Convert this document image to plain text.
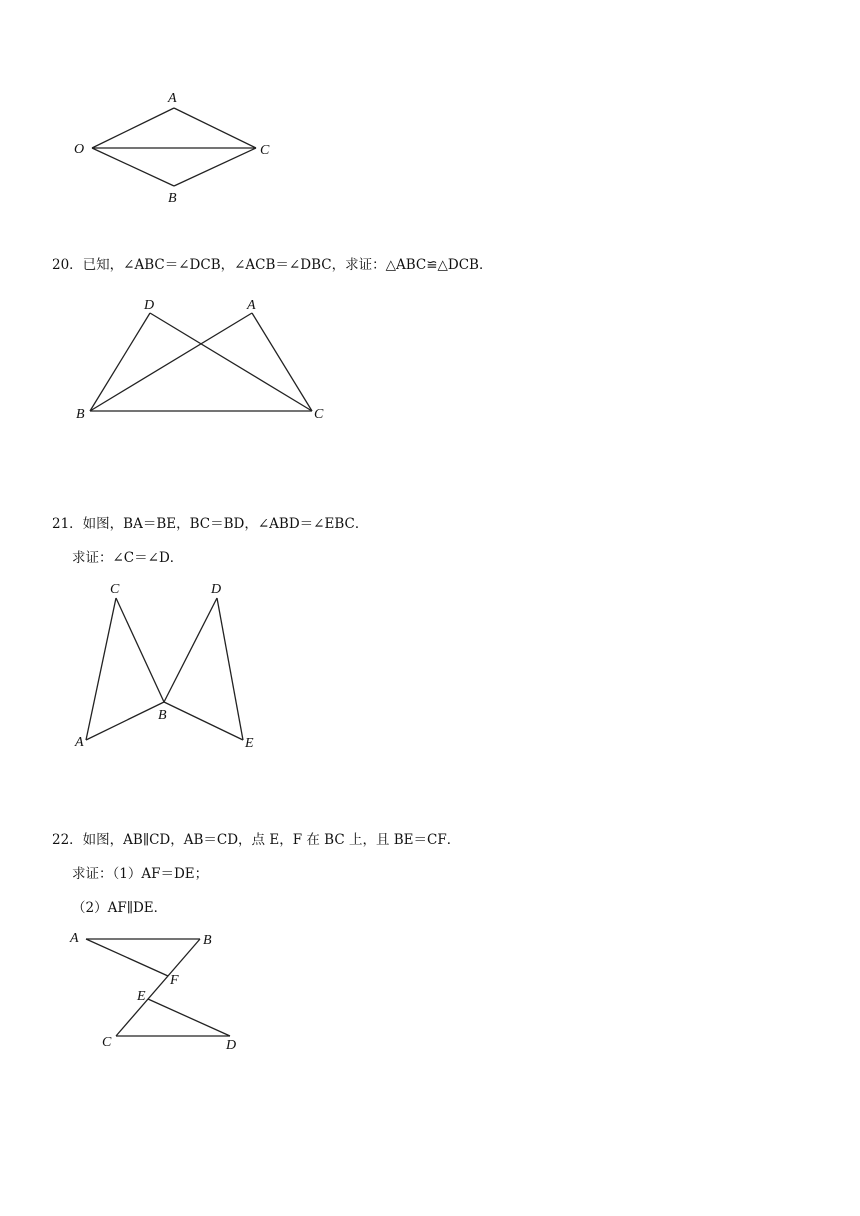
A
O	C
B
20．已知，∠ABC＝∠DCB，∠ACB＝∠DBC，求证：△ABC≌△DCB．
D	A
B	C
21．如图，BA＝BE，BC＝BD，∠ABD＝∠EBC．
求证：∠C＝∠D．
C	D
B
A	E
22．如图，AB∥CD，AB＝CD，点 E，F 在 BC 上，且 BE＝CF．
求证：（1）AF＝DE；
（2）AF∥DE．
A	B
F
E
C	D
